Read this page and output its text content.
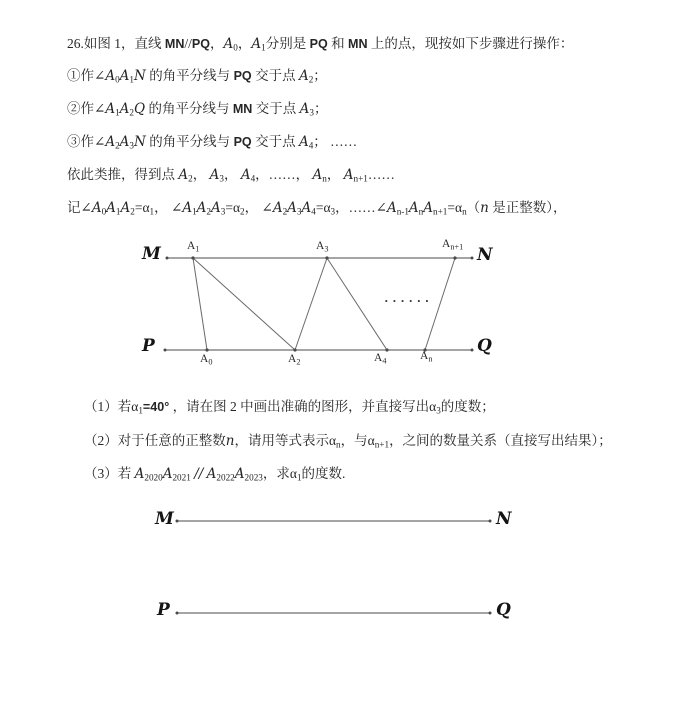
26.如图 1，直线 MN//PQ，$A_0$，$A_1$分别是 PQ 和 MN 上的点，现按如下步骤进行操作：
①作$\angle A_0A_1N$ 的角平分线与 PQ 交于点 $A_2$；
②作$\angle A_1A_2Q$ 的角平分线与 MN 交于点 $A_3$；
③作$\angle A_2A_3N$ 的角平分线与 PQ 交于点 $A_4$； ……
依此类推，得到点 $A_2$， $A_3$， $A_4$，……， $A_n$， $A_{n+1}\dots\dots$
记$\angle A_0A_1A_2=\alpha_1$， $\angle A_1A_2A_3=\alpha_2$， $\angle A_2A_3A_4=\alpha_3$，$\dots\dots\angle A_{n-1}A_nA_{n+1}=\alpha_n(n$ 是正整数），
M	N
P	Q
$A_1$	$A_3$	$A_{n+1}$
$A_0$	$A_2$	$A_4$	$A_n$
......
（1）若$\alpha_1=40^\circ$ ，请在图 2 中画出准确的图形，并直接写出$\alpha_3$的度数；
（2）对于任意的正整数n，请用等式表示$\alpha_n$，与$\alpha_{n+1}$，之间的数量关系（直接写出结果）；
（3）若 $A_{2020}A_{2021} // A_{2022}A_{2023}$，求$\alpha_1$的度数.
M	N
P	Q
